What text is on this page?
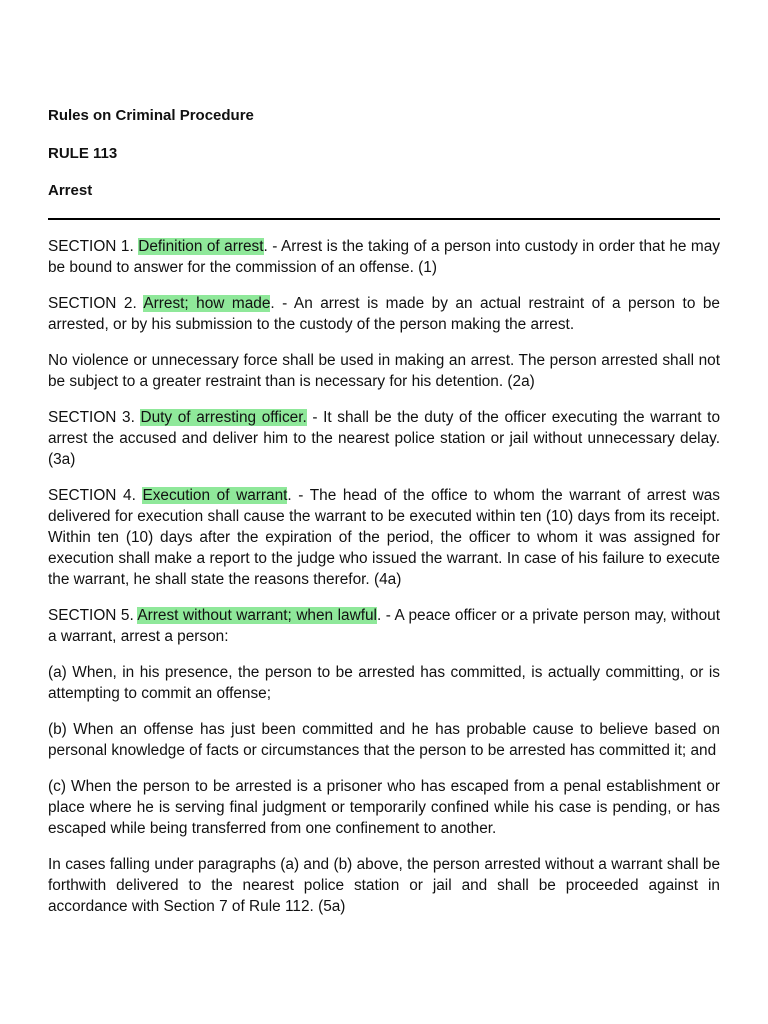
Rules on Criminal Procedure
RULE 113
Arrest

SECTION 1. Definition of arrest. - Arrest is the taking of a person into custody in order that he may be bound to answer for the commission of an offense. (1)

SECTION 2. Arrest; how made. - An arrest is made by an actual restraint of a person to be arrested, or by his submission to the custody of the person making the arrest.

No violence or unnecessary force shall be used in making an arrest. The person arrested shall not be subject to a greater restraint than is necessary for his detention. (2a)

SECTION 3. Duty of arresting officer. - It shall be the duty of the officer executing the warrant to arrest the accused and deliver him to the nearest police station or jail without unnecessary delay. (3a)

SECTION 4. Execution of warrant. - The head of the office to whom the warrant of arrest was delivered for execution shall cause the warrant to be executed within ten (10) days from its receipt. Within ten (10) days after the expiration of the period, the officer to whom it was assigned for execution shall make a report to the judge who issued the warrant. In case of his failure to execute the warrant, he shall state the reasons therefor. (4a)

SECTION 5. Arrest without warrant; when lawful. - A peace officer or a private person may, without a warrant, arrest a person:

(a) When, in his presence, the person to be arrested has committed, is actually committing, or is attempting to commit an offense;

(b) When an offense has just been committed and he has probable cause to believe based on personal knowledge of facts or circumstances that the person to be arrested has committed it; and

(c) When the person to be arrested is a prisoner who has escaped from a penal establishment or place where he is serving final judgment or temporarily confined while his case is pending, or has escaped while being transferred from one confinement to another.

In cases falling under paragraphs (a) and (b) above, the person arrested without a warrant shall be forthwith delivered to the nearest police station or jail and shall be proceeded against in accordance with Section 7 of Rule 112. (5a)
